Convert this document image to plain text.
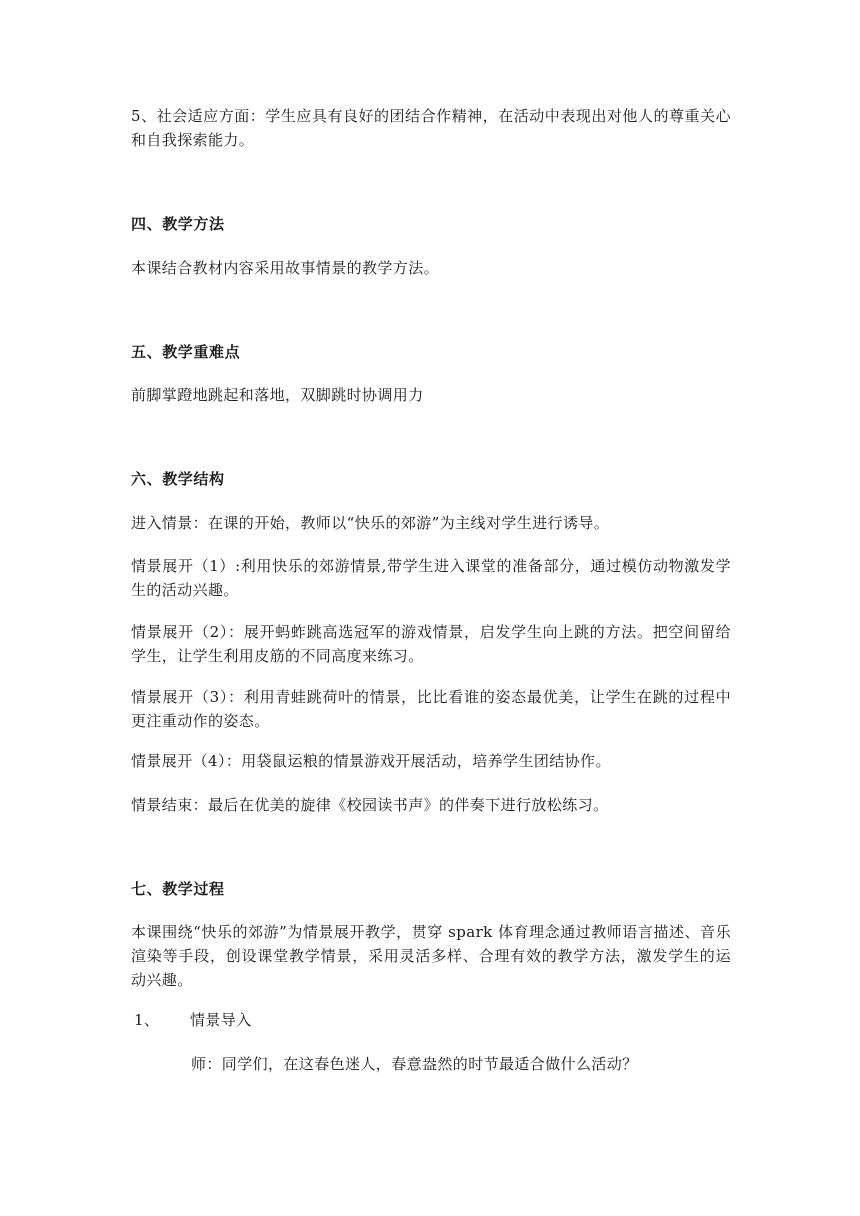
5、社会适应方面：学生应具有良好的团结合作精神，在活动中表现出对他人的尊重关心和自我探索能力。
四、教学方法
本课结合教材内容采用故事情景的教学方法。
五、教学重难点
前脚掌蹬地跳起和落地，双脚跳时协调用力
六、教学结构
进入情景：在课的开始，教师以“快乐的郊游”为主线对学生进行诱导。
情景展开（1）:利用快乐的郊游情景,带学生进入课堂的准备部分，通过模仿动物激发学生的活动兴趣。
情景展开（2）：展开蚂蚱跳高选冠军的游戏情景，启发学生向上跳的方法。把空间留给学生，让学生利用皮筋的不同高度来练习。
情景展开（3）：利用青蛙跳荷叶的情景，比比看谁的姿态最优美，让学生在跳的过程中更注重动作的姿态。
情景展开（4）：用袋鼠运粮的情景游戏开展活动，培养学生团结协作。
情景结束：最后在优美的旋律《校园读书声》的伴奏下进行放松练习。
七、教学过程
本课围绕“快乐的郊游”为情景展开教学，贯穿 spark 体育理念通过教师语言描述、音乐渲染等手段，创设课堂教学情景，采用灵活多样、合理有效的教学方法，激发学生的运动兴趣。
1、 情景导入
师：同学们，在这春色迷人，春意盎然的时节最适合做什么活动？
